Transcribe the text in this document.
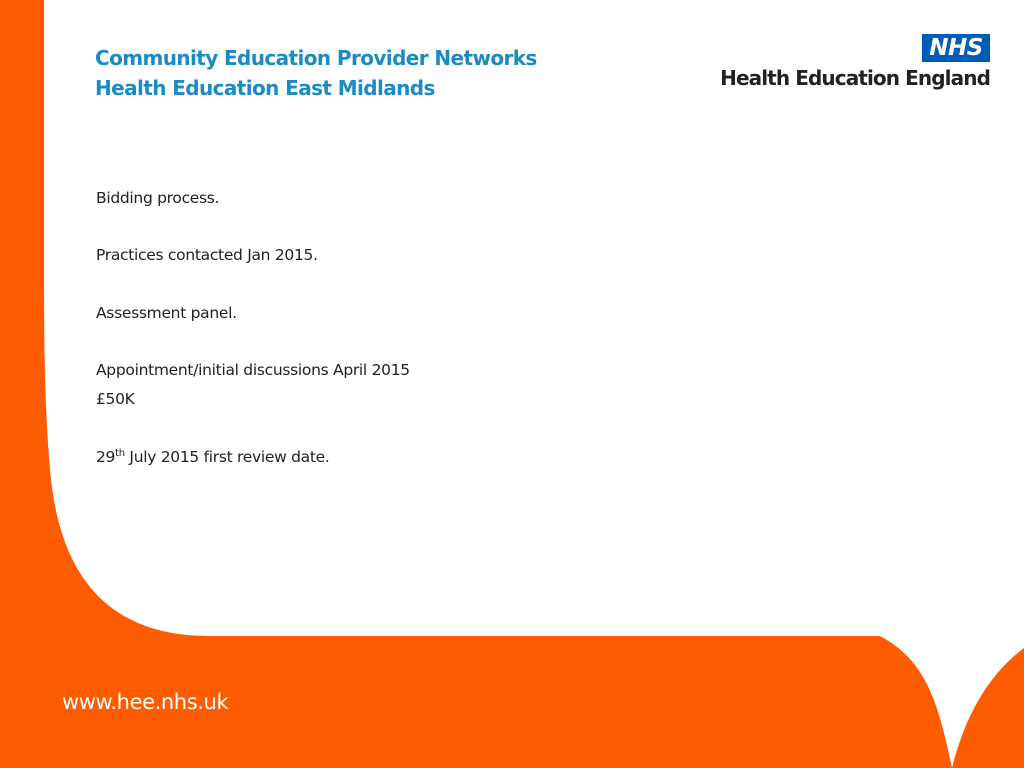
Community Education Provider Networks
Health Education East Midlands
NHS
Health Education England
Bidding process.
Practices contacted Jan 2015.
Assessment panel.
Appointment/initial discussions April 2015
£50K
29th July 2015 first review date.
www.hee.nhs.uk
